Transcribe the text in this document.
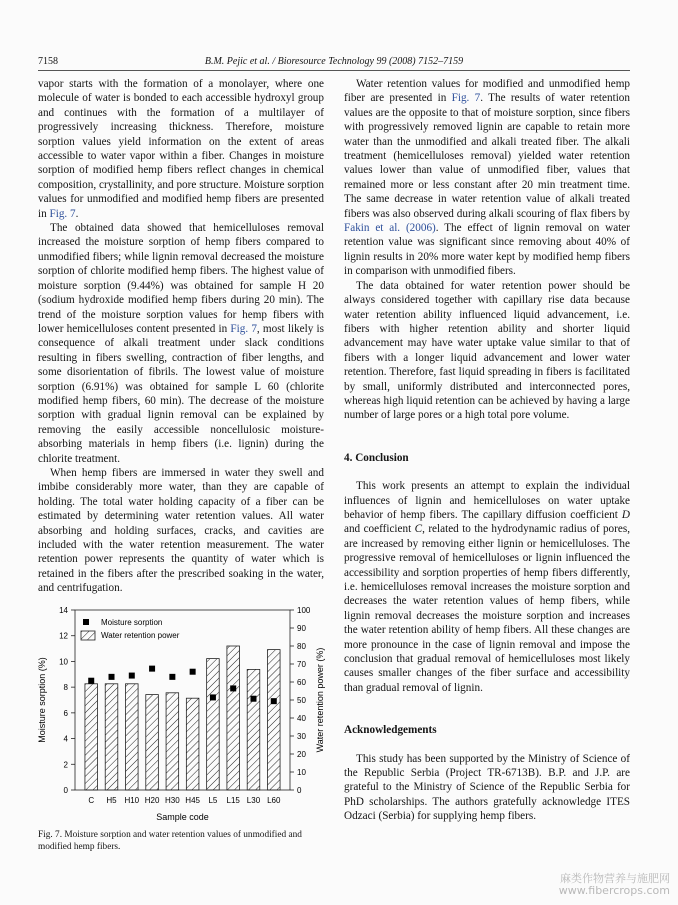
7158	B.M. Pejic et al. / Bioresource Technology 99 (2008) 7152–7159

vapor starts with the formation of a monolayer, where one molecule of water is bonded to each accessible hydroxyl group and continues with the formation of a multilayer of progressively increasing thickness. Therefore, moisture sorption values yield information on the extent of areas accessible to water vapor within a fiber. Changes in moisture sorption of modified hemp fibers reflect changes in chemical composition, crystallinity, and pore structure. Moisture sorption values for unmodified and modified hemp fibers are presented in Fig. 7.

The obtained data showed that hemicelluloses removal increased the moisture sorption of hemp fibers compared to unmodified fibers; while lignin removal decreased the moisture sorption of chlorite modified hemp fibers. The highest value of moisture sorption (9.44%) was obtained for sample H 20 (sodium hydroxide modified hemp fibers during 20 min). The trend of the moisture sorption values for hemp fibers with lower hemicelluloses content presented in Fig. 7, most likely is consequence of alkali treatment under slack conditions resulting in fibers swelling, contraction of fiber lengths, and some disorientation of fibrils. The lowest value of moisture sorption (6.91%) was obtained for sample L 60 (chlorite modified hemp fibers, 60 min). The decrease of the moisture sorption with gradual lignin removal can be explained by removing the easily accessible noncellulosic moisture-absorbing materials in hemp fibers (i.e. lignin) during the chlorite treatment.

When hemp fibers are immersed in water they swell and imbibe considerably more water, than they are capable of holding. The total water holding capacity of a fiber can be estimated by determining water retention values. All water absorbing and holding surfaces, cracks, and cavities are included with the water retention measurement. The water retention power represents the quantity of water which is retained in the fibers after the prescribed soaking in the water, and centrifugation.

0
2
4
6
8
10
12
14
0
10
20
30
40
50
60
70
80
90
100
C H5 H10 H20 H30 H45 L5 L15 L30 L60
Sample code
Moisture sorption (%)	Water retention power (%)
Moisture sorption
Water retention power
Fig. 7. Moisture sorption and water retention values of unmodified and modified hemp fibers.

Water retention values for modified and unmodified hemp fiber are presented in Fig. 7. The results of water retention values are the opposite to that of moisture sorption, since fibers with progressively removed lignin are capable to retain more water than the unmodified and alkali treated fiber. The alkali treatment (hemicelluloses removal) yielded water retention values lower than value of unmodified fiber, values that remained more or less constant after 20 min treatment time. The same decrease in water retention value of alkali treated fibers was also observed during alkali scouring of flax fibers by Fakin et al. (2006). The effect of lignin removal on water retention value was significant since removing about 40% of lignin results in 20% more water kept by modified hemp fibers in comparison with unmodified fibers.

The data obtained for water retention power should be always considered together with capillary rise data because water retention ability influenced liquid advancement, i.e. fibers with higher retention ability and shorter liquid advancement may have water uptake value similar to that of fibers with a longer liquid advancement and lower water retention. Therefore, fast liquid spreading in fibers is facilitated by small, uniformly distributed and interconnected pores, whereas high liquid retention can be achieved by having a large number of large pores or a high total pore volume.

4. Conclusion

This work presents an attempt to explain the individual influences of lignin and hemicelluloses on water uptake behavior of hemp fibers. The capillary diffusion coefficient D and coefficient C, related to the hydrodynamic radius of pores, are increased by removing either lignin or hemicelluloses. The progressive removal of hemicelluloses or lignin influenced the accessibility and sorption properties of hemp fibers differently, i.e. hemicelluloses removal increases the moisture sorption and decreases the water retention values of hemp fibers, while lignin removal decreases the moisture sorption and increases the water retention ability of hemp fibers. All these changes are more pronounce in the case of lignin removal and impose the conclusion that gradual removal of hemicelluloses most likely causes smaller changes of the fiber surface and accessibility than gradual removal of lignin.

Acknowledgements

This study has been supported by the Ministry of Science of the Republic Serbia (Project TR-6713B). B.P. and J.P. are grateful to the Ministry of Science of the Republic Serbia for PhD scholarships. The authors gratefully acknowledge ITES Odzaci (Serbia) for supplying hemp fibers.

麻类作物营养与施肥网
www.fibercrops.com
